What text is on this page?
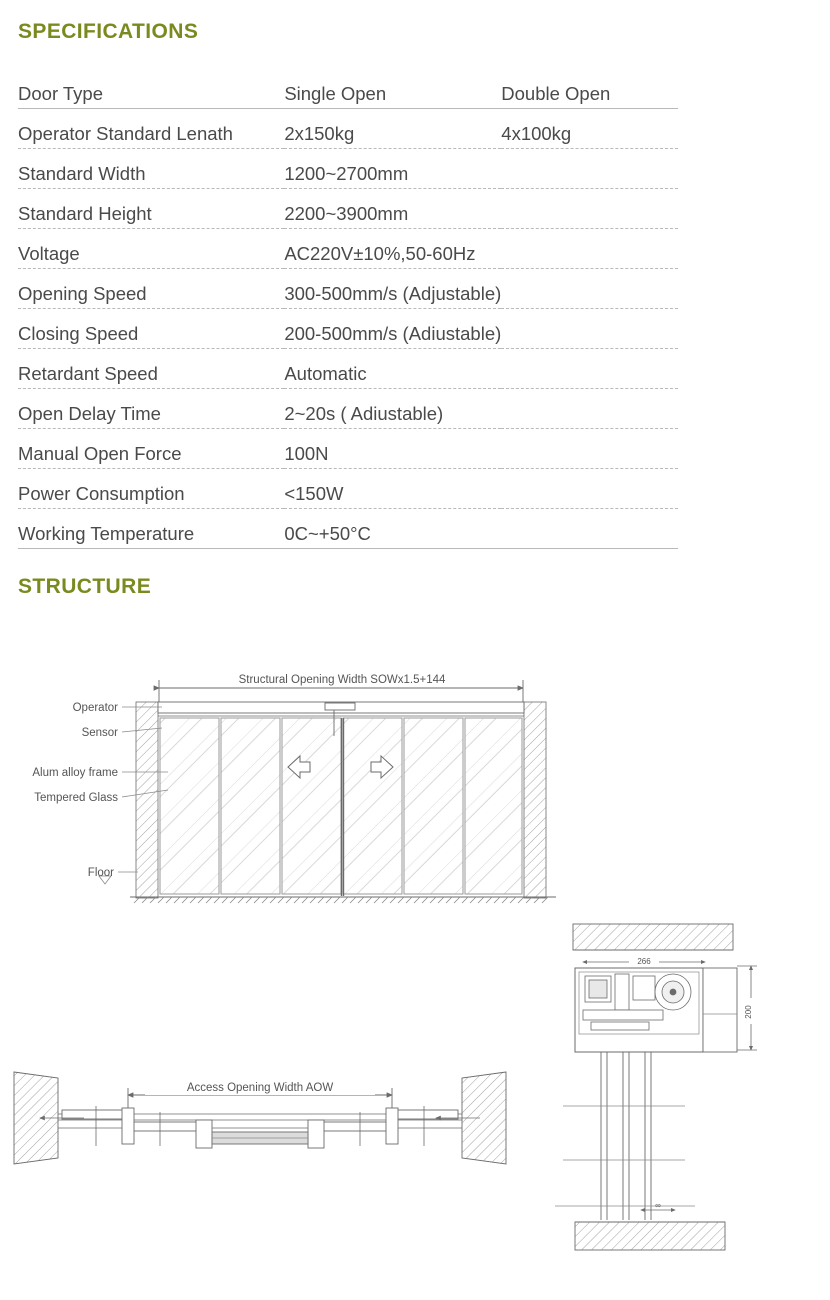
SPECIFICATIONS
Door Type	Single Open	Double Open
Operator Standard Lenath	2x150kg	4x100kg
Standard Width	1200~2700mm	
Standard Height	2200~3900mm	
Voltage	AC220V±10%,50-60Hz	
Opening Speed	300-500mm/s (Adjustable)	
Closing Speed	200-500mm/s (Adiustable)	
Retardant Speed	Automatic	
Open Delay Time	2~20s ( Adiustable)	
Manual Open Force	100N	
Power Consumption	<150W	
Working Temperature	0C~+50°C	
STRUCTURE
Structural Opening Width SOWx1.5+144
Operator
Sensor
Alum alloy frame
Tempered Glass
Floor
Access Opening Width AOW
266
200
∞
